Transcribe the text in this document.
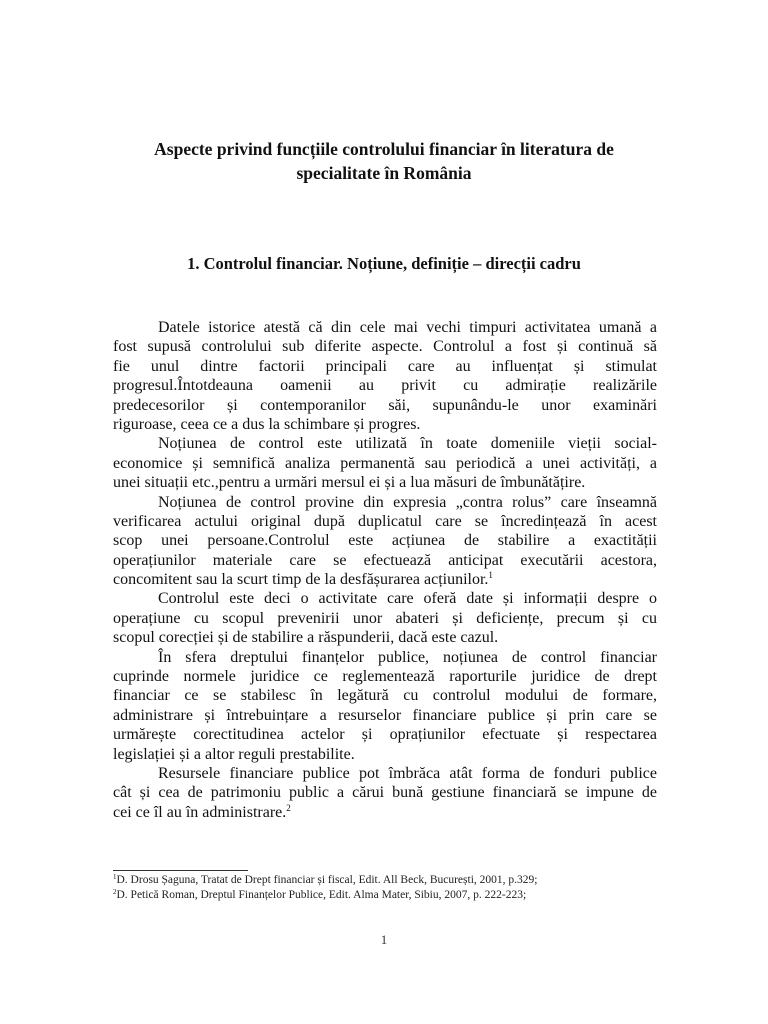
Aspecte privind funcțiile controlului financiar în literatura de
specialitate în România
1. Controlul financiar. Noțiune, definiție – direcții cadru
Datele istorice atestă că din cele mai vechi timpuri activitatea umană a
fost supusă controlului sub diferite aspecte. Controlul a fost și continuă să
fie unul dintre factorii principali care au influențat și stimulat
progresul.Întotdeauna oamenii au privit cu admirație realizările
predecesorilor și contemporanilor săi, supunându-le unor examinări
riguroase, ceea ce a dus la schimbare și progres.
Noțiunea de control este utilizată în toate domeniile vieții social-
economice și semnifică analiza permanentă sau periodică a unei activități, a
unei situații etc.,pentru a urmări mersul ei și a lua măsuri de îmbunătățire.
Noțiunea de control provine din expresia „contra rolus” care înseamnă
verificarea actului original după duplicatul care se încredințează în acest
scop unei persoane.Controlul este acțiunea de stabilire a exactității
operațiunilor materiale care se efectuează anticipat executării acestora,
concomitent sau la scurt timp de la desfășurarea acțiunilor.$^1$
Controlul este deci o activitate care oferă date și informații despre o
operațiune cu scopul prevenirii unor abateri și deficiențe, precum și cu
scopul corecției și de stabilire a răspunderii, dacă este cazul.
În sfera dreptului finanțelor publice, noțiunea de control financiar
cuprinde normele juridice ce reglementează raporturile juridice de drept
financiar ce se stabilesc în legătură cu controlul modului de formare,
administrare și întrebuințare a resurselor financiare publice și prin care se
urmărește corectitudinea actelor și oprațiunilor efectuate și respectarea
legislației și a altor reguli prestabilite.
Resursele financiare publice pot îmbrăca atât forma de fonduri publice
cât și cea de patrimoniu public a cărui bună gestiune financiară se impune de
cei ce îl au în administrare.$^2$
$^1$D. Drosu Șaguna, Tratat de Drept financiar și fiscal, Edit. All Beck, București, 2001, p.329;
$^2$D. Petică Roman, Dreptul Finanțelor Publice, Edit. Alma Mater, Sibiu, 2007, p. 222-223;
1
